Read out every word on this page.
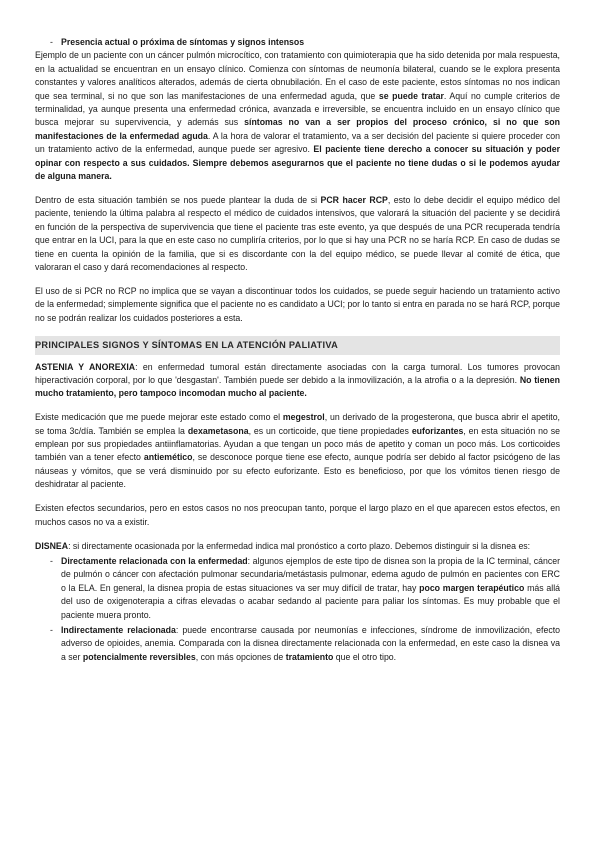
- Presencia actual o próxima de síntomas y signos intensos

Ejemplo de un paciente con un cáncer pulmón microcítico, con tratamiento con quimioterapia que ha sido detenida por mala respuesta, en la actualidad se encuentran en un ensayo clínico. Comienza con síntomas de neumonía bilateral, cuando se le explora presenta constantes y valores analíticos alterados, además de cierta obnubilación. En el caso de este paciente, estos síntomas no nos indican que sea terminal, si no que son las manifestaciones de una enfermedad aguda, que se puede tratar. Aquí no cumple criterios de terminalidad, ya aunque presenta una enfermedad crónica, avanzada e irreversible, se encuentra incluido en un ensayo clínico que busca mejorar su supervivencia, y además sus síntomas no van a ser propios del proceso crónico, si no que son manifestaciones de la enfermedad aguda. A la hora de valorar el tratamiento, va a ser decisión del paciente si quiere proceder con un tratamiento activo de la enfermedad, aunque puede ser agresivo. El paciente tiene derecho a conocer su situación y poder opinar con respecto a sus cuidados. Siempre debemos asegurarnos que el paciente no tiene dudas o si le podemos ayudar de alguna manera.

Dentro de esta situación también se nos puede plantear la duda de si PCR hacer RCP, esto lo debe decidir el equipo médico del paciente, teniendo la última palabra al respecto el médico de cuidados intensivos, que valorará la situación del paciente y se decidirá en función de la perspectiva de supervivencia que tiene el paciente tras este evento, ya que después de una PCR recuperada tendría que entrar en la UCI, para la que en este caso no cumpliría criterios, por lo que si hay una PCR no se haría RCP. En caso de dudas se tiene en cuenta la opinión de la familia, que si es discordante con la del equipo médico, se puede llevar al comité de ética, que valoraran el caso y dará recomendaciones al respecto.

El uso de si PCR no RCP no implica que se vayan a discontinuar todos los cuidados, se puede seguir haciendo un tratamiento activo de la enfermedad; simplemente significa que el paciente no es candidato a UCI; por lo tanto si entra en parada no se hará RCP, porque no se podrán realizar los cuidados posteriores a esta.

PRINCIPALES SIGNOS Y SÍNTOMAS EN LA ATENCIÓN PALIATIVA

ASTENIA Y ANOREXIA: en enfermedad tumoral están directamente asociadas con la carga tumoral. Los tumores provocan hiperactivación corporal, por lo que 'desgastan'. También puede ser debido a la inmovilización, a la atrofia o a la depresión. No tienen mucho tratamiento, pero tampoco incomodan mucho al paciente.

Existe medicación que me puede mejorar este estado como el megestrol, un derivado de la progesterona, que busca abrir el apetito, se toma 3c/día. También se emplea la dexametasona, es un corticoide, que tiene propiedades euforizantes, en esta situación no se emplean por sus propiedades antiinflamatorias. Ayudan a que tengan un poco más de apetito y coman un poco más. Los corticoides también van a tener efecto antiemético, se desconoce porque tiene ese efecto, aunque podría ser debido al factor psicógeno de las náuseas y vómitos, que se verá disminuido por su efecto euforizante. Esto es beneficioso, por que los vómitos tienen riesgo de deshidratar al paciente.

Existen efectos secundarios, pero en estos casos no nos preocupan tanto, porque el largo plazo en el que aparecen estos efectos, en muchos casos no va a existir.

DISNEA: si directamente ocasionada por la enfermedad indica mal pronóstico a corto plazo. Debemos distinguir si la disnea es:

- Directamente relacionada con la enfermedad: algunos ejemplos de este tipo de disnea son la propia de la IC terminal, cáncer de pulmón o cáncer con afectación pulmonar secundaria/metástasis pulmonar, edema agudo de pulmón en pacientes con ERC o la ELA. En general, la disnea propia de estas situaciones va ser muy difícil de tratar, hay poco margen terapéutico más allá del uso de oxigenoterapia a cifras elevadas o acabar sedando al paciente para paliar los síntomas. Es muy probable que el paciente muera pronto.
- Indirectamente relacionada: puede encontrarse causada por neumonías e infecciones, síndrome de inmovilización, efecto adverso de opioides, anemia. Comparada con la disnea directamente relacionada con la enfermedad, en este caso la disnea va a ser potencialmente reversibles, con más opciones de tratamiento que el otro tipo.
